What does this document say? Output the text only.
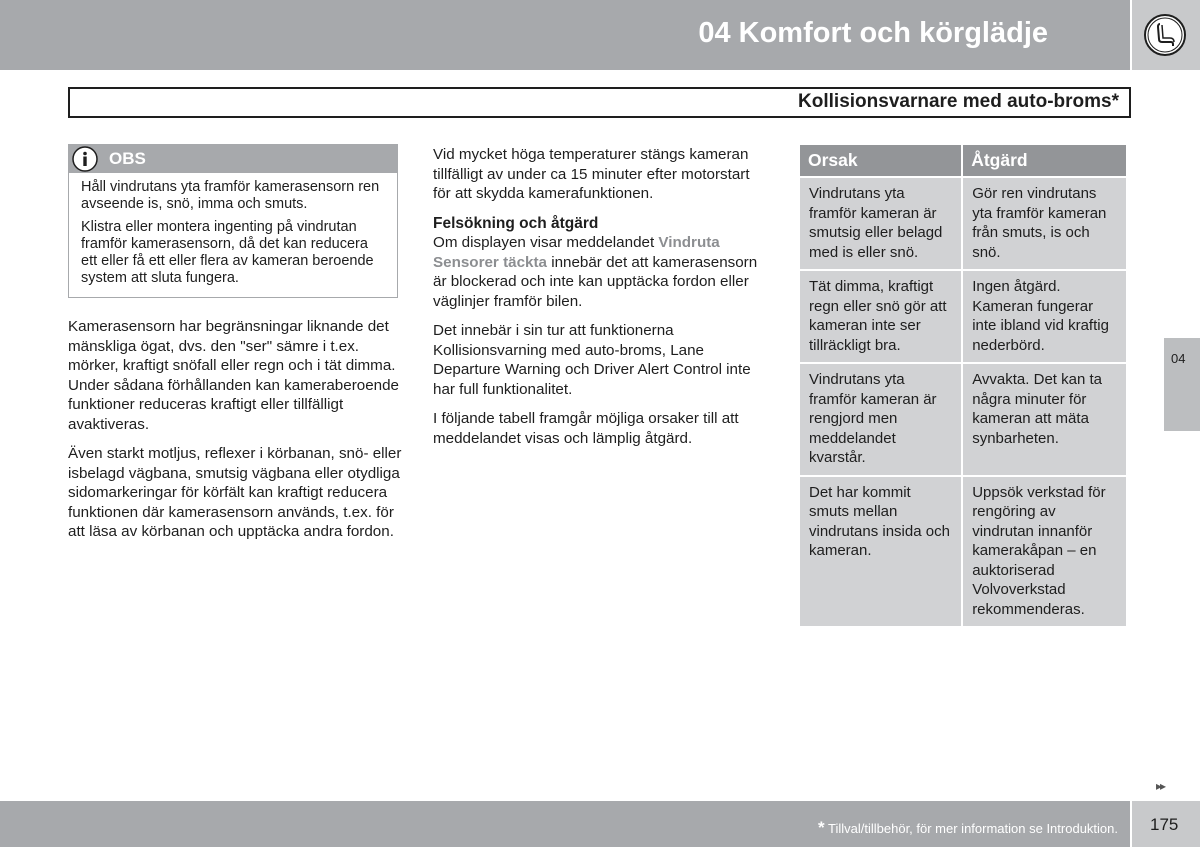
04 Komfort och körglädje
Kollisionsvarnare med auto-broms*
OBS

Håll vindrutans yta framför kamerasensorn ren avseende is, snö, imma och smuts.

Klistra eller montera ingenting på vindrutan framför kamerasensorn, då det kan reducera ett eller få ett eller flera av kameran beroende system att sluta fungera.

Kamerasensorn har begränsningar liknande det mänskliga ögat, dvs. den "ser" sämre i t.ex. mörker, kraftigt snöfall eller regn och i tät dimma. Under sådana förhållanden kan kameraberoende funktioner reduceras kraftigt eller tillfälligt avaktiveras.

Även starkt motljus, reflexer i körbanan, snö- eller isbelagd vägbana, smutsig vägbana eller otydliga sidomarkeringar för körfält kan kraftigt reducera funktionen där kamerasensorn används, t.ex. för att läsa av körbanan och upptäcka andra fordon.

Vid mycket höga temperaturer stängs kameran tillfälligt av under ca 15 minuter efter motorstart för att skydda kamerafunktionen.

Felsökning och åtgärd

Om displayen visar meddelandet Vindruta Sensorer täckta innebär det att kamerasensorn är blockerad och inte kan upptäcka fordon eller väglinjer framför bilen.

Det innebär i sin tur att funktionerna Kollisionsvarning med auto-broms, Lane Departure Warning och Driver Alert Control inte har full funktionalitet.

I följande tabell framgår möjliga orsaker till att meddelandet visas och lämplig åtgärd.

Orsak	Åtgärd
Vindrutans yta framför kameran är smutsig eller belagd med is eller snö.	Gör ren vindrutans yta framför kameran från smuts, is och snö.
Tät dimma, kraftigt regn eller snö gör att kameran inte ser tillräckligt bra.	Ingen åtgärd. Kameran fungerar inte ibland vid kraftig nederbörd.
Vindrutans yta framför kameran är rengjord men meddelandet kvarstår.	Avvakta. Det kan ta några minuter för kameran att mäta synbarheten.
Det har kommit smuts mellan vindrutans insida och kameran.	Uppsök verkstad för rengöring av vindrutan innanför kamerakåpan – en auktoriserad Volvoverkstad rekommenderas.
04
▸▸
* Tillval/tillbehör, för mer information se Introduktion. 175
